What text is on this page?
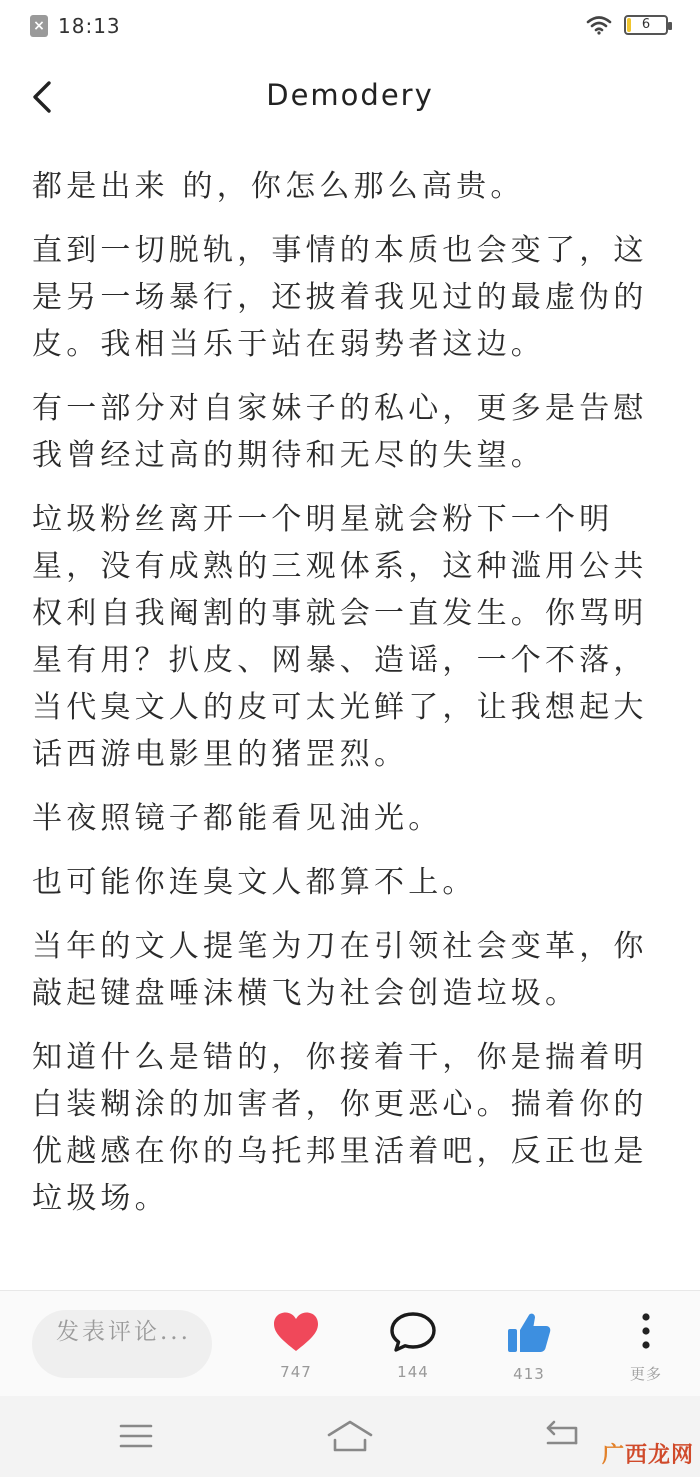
× 18:13	6
Demodery

都是出来 的，你怎么那么高贵。

直到一切脱轨，事情的本质也会变了，这是另一场暴行，还披着我见过的最虚伪的皮。我相当乐于站在弱势者这边。

有一部分对自家妹子的私心，更多是告慰我曾经过高的期待和无尽的失望。

垃圾粉丝离开一个明星就会粉下一个明星，没有成熟的三观体系，这种滥用公共权利自我阉割的事就会一直发生。你骂明星有用？扒皮、网暴、造谣，一个不落，当代臭文人的皮可太光鲜了，让我想起大话西游电影里的猪罡烈。

半夜照镜子都能看见油光。

也可能你连臭文人都算不上。

当年的文人提笔为刀在引领社会变革，你敲起键盘唾沫横飞为社会创造垃圾。

知道什么是错的，你接着干，你是揣着明白装糊涂的加害者，你更恶心。揣着你的优越感在你的乌托邦里活着吧，反正也是垃圾场。

发表评论...
747	144	413	更多
广西龙网
